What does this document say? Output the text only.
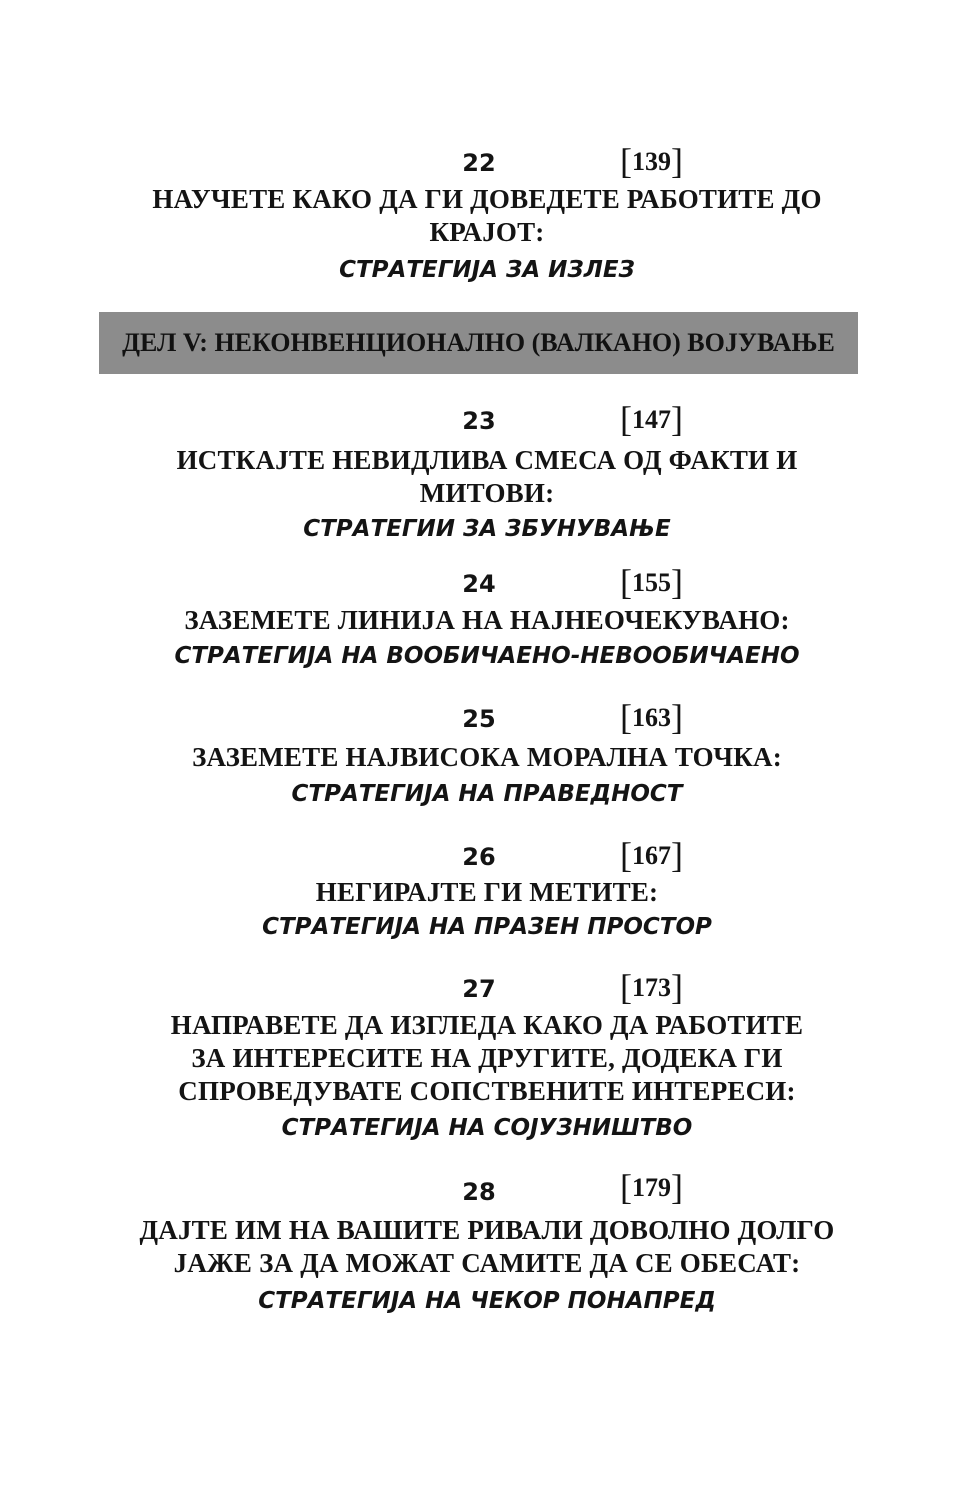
22	[139]
НАУЧЕТЕ КАКО ДА ГИ ДОВЕДЕТЕ РАБОТИТЕ ДО
КРАЈОТ:
СТРАТЕГИЈА ЗА ИЗЛЕЗ
ДЕЛ V: НЕКОНВЕНЦИОНАЛНО (ВАЛКАНО) ВОЈУВАЊЕ
23	[147]
ИСТКАЈТЕ НЕВИДЛИВА СМЕСА ОД ФАКТИ И
МИТОВИ:
СТРАТЕГИИ ЗА ЗБУНУВАЊЕ
24	[155]
ЗАЗЕМЕТЕ ЛИНИЈА НА НАЈНЕОЧЕКУВАНО:
СТРАТЕГИЈА НА ВООБИЧАЕНО-НЕВООБИЧАЕНО
25	[163]
ЗАЗЕМЕТЕ НАЈВИСОКА МОРАЛНА ТОЧКА:
СТРАТЕГИЈА НА ПРАВЕДНОСТ
26	[167]
НЕГИРАЈТЕ ГИ МЕТИТЕ:
СТРАТЕГИЈА НА ПРАЗЕН ПРОСТОР
27	[173]
НАПРАВЕТЕ ДА ИЗГЛЕДА КАКО ДА РАБОТИТЕ
ЗА ИНТЕРЕСИТЕ НА ДРУГИТЕ, ДОДЕКА ГИ
СПРОВЕДУВАТЕ СОПСТВЕНИТЕ ИНТЕРЕСИ:
СТРАТЕГИЈА НА СОЈУЗНИШТВО
28	[179]
ДАЈТЕ ИМ НА ВАШИТЕ РИВАЛИ ДОВОЛНО ДОЛГО
ЈАЖЕ ЗА ДА МОЖАТ САМИТЕ ДА СЕ ОБЕСАТ:
СТРАТЕГИЈА НА ЧЕКОР ПОНАПРЕД
